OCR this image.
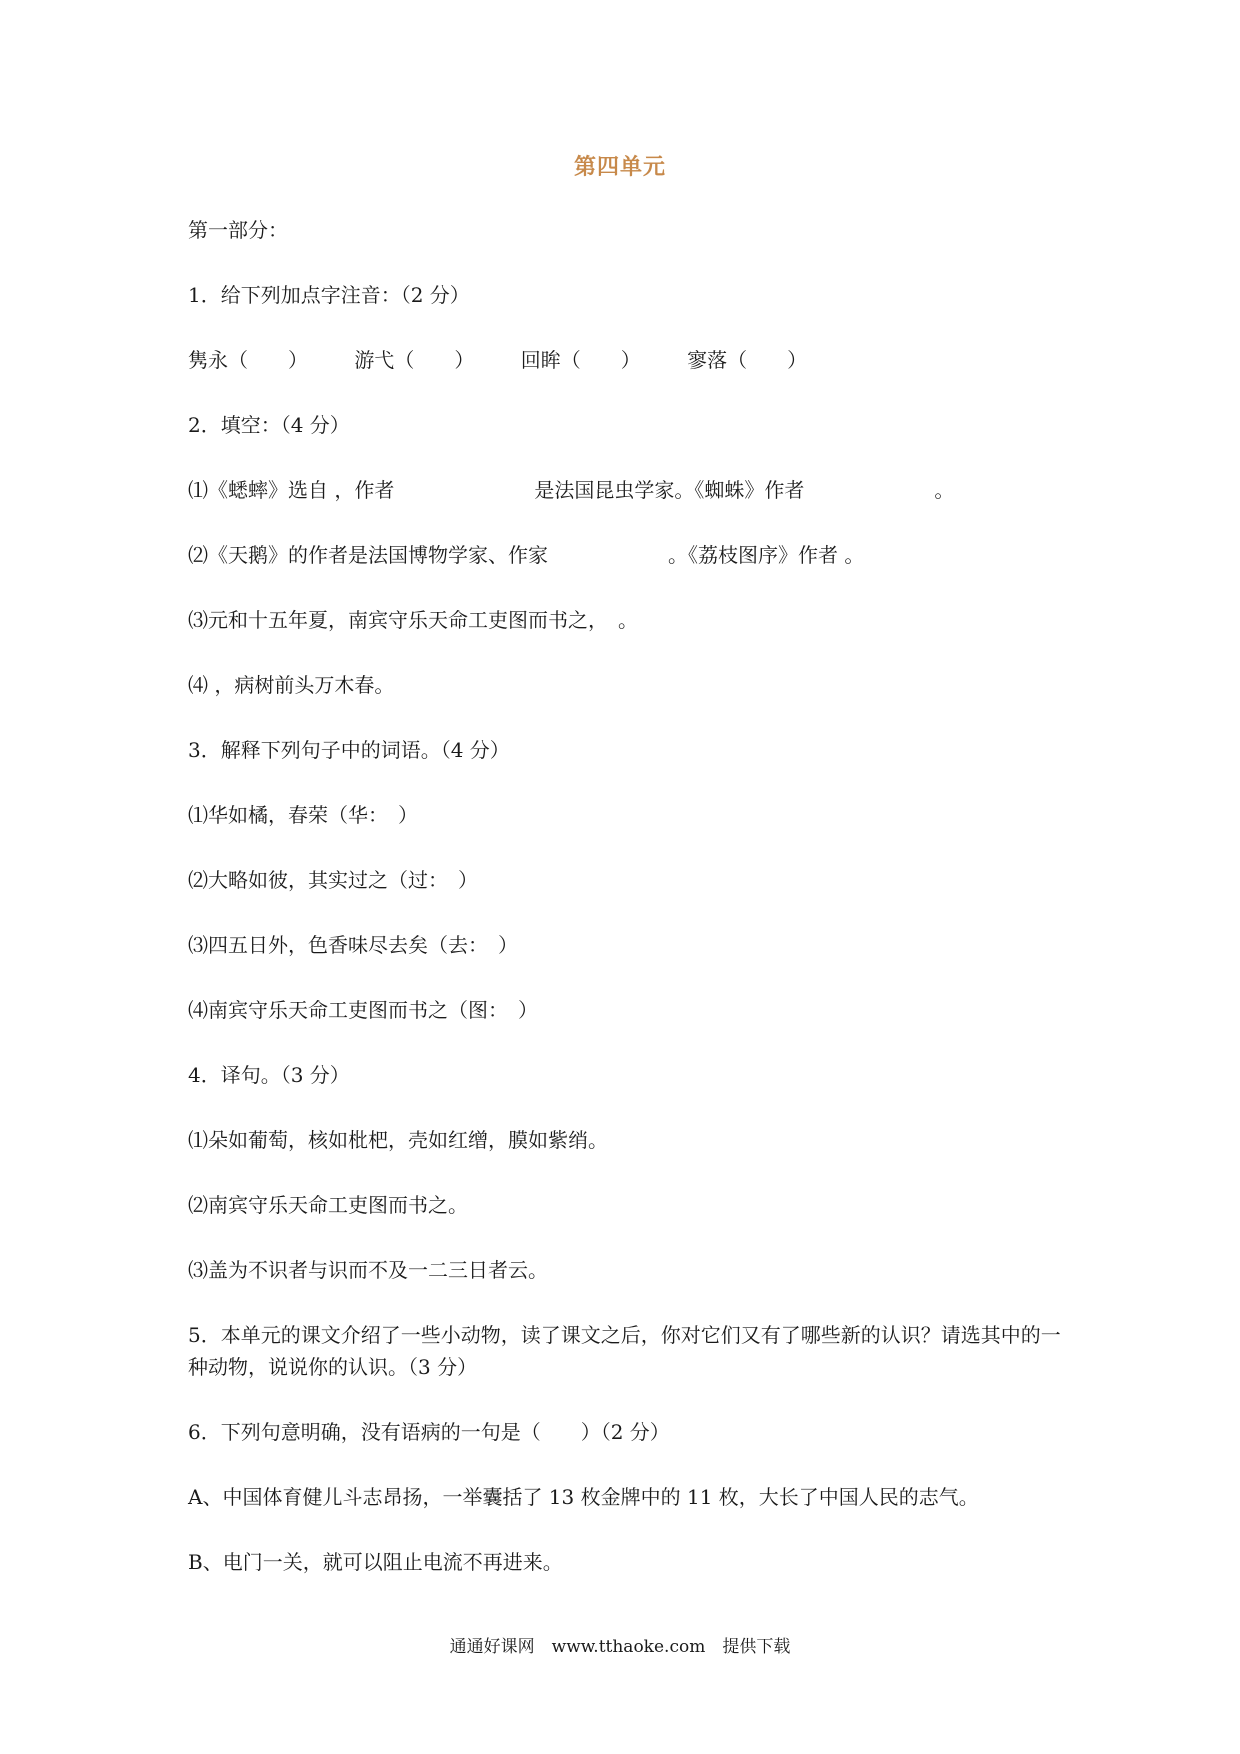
第四单元
第一部分：
1．给下列加点字注音：（2 分）
隽永（　　） 游弋（　　） 回眸（　　） 寥落（　　）
2．填空：（4 分）
⑴《蟋蟀》选自 ，作者	是法国昆虫学家。《蜘蛛》作者	。
⑵《天鹅》的作者是法国博物学家、作家	。《荔枝图序》作者 。
⑶元和十五年夏，南宾守乐天命工吏图而书之，　。
⑷ ，病树前头万木春。
3．解释下列句子中的词语。（4 分）
⑴华如橘，春荣（华：　）
⑵大略如彼，其实过之（过：　）
⑶四五日外，色香味尽去矣（去：　）
⑷南宾守乐天命工吏图而书之（图：　）
4．译句。（3 分）
⑴朵如葡萄，核如枇杷，壳如红缯，膜如紫绡。
⑵南宾守乐天命工吏图而书之。
⑶盖为不识者与识而不及一二三日者云。
5．本单元的课文介绍了一些小动物，读了课文之后，你对它们又有了哪些新的认识？请选其中的一种动物，说说你的认识。（3 分）
6．下列句意明确，没有语病的一句是（　　）（2 分）
A、中国体育健儿斗志昂扬，一举囊括了 13 枚金牌中的 11 枚，大长了中国人民的志气。
B、电门一关，就可以阻止电流不再进来。
通通好课网　www.tthaoke.com　提供下载
